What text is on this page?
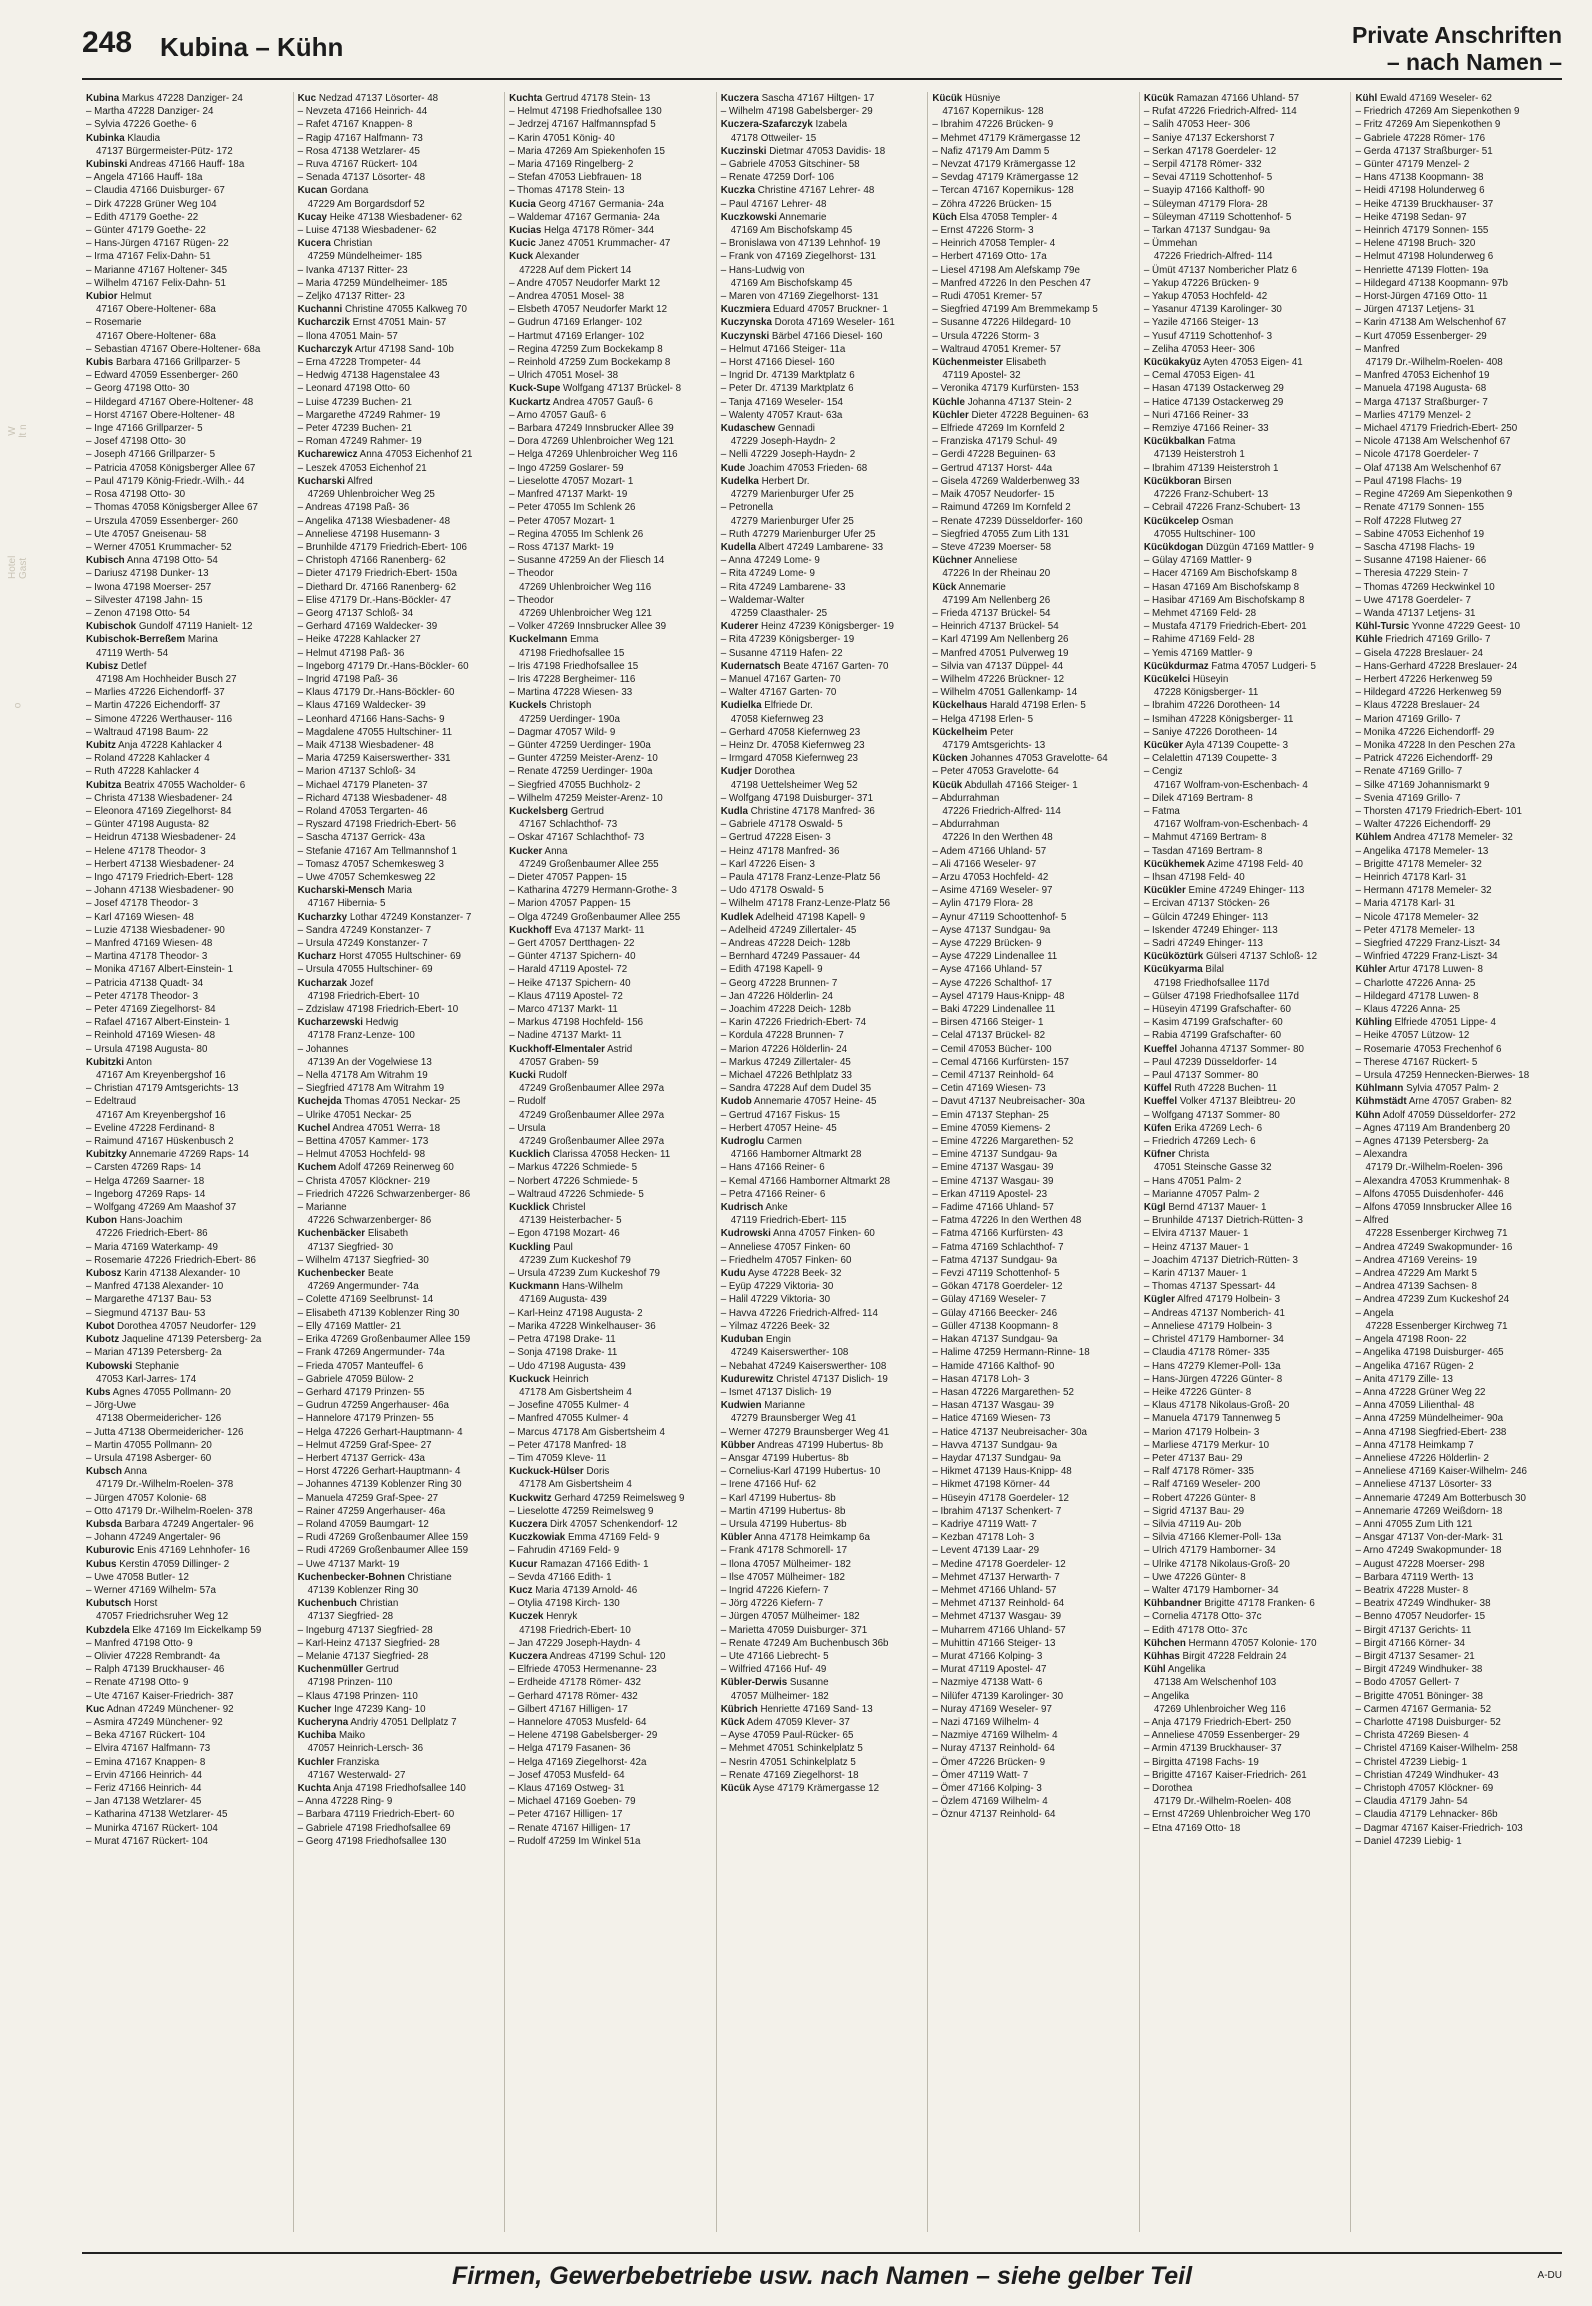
248 Kubina – Kühn	Private Anschriften
– nach Namen –
W lt n
Hotel Gast
o
Kubina Markus 47228 Danziger- 24
– Martha 47228 Danziger- 24
– Sylvia 47226 Goethe- 6
Kubinka Klaudia
47137 Bürgermeister-Pütz- 172
Kubinski Andreas 47166 Hauff- 18a
– Angela 47166 Hauff- 18a
– Claudia 47166 Duisburger- 67
– Dirk 47228 Grüner Weg 104
– Edith 47179 Goethe- 22
– Günter 47179 Goethe- 22
– Hans-Jürgen 47167 Rügen- 22
– Irma 47167 Felix-Dahn- 51
– Marianne 47167 Holtener- 345
– Wilhelm 47167 Felix-Dahn- 51
Kubior Helmut
47167 Obere-Holtener- 68a
– Rosemarie
47167 Obere-Holtener- 68a
– Sebastian 47167 Obere-Holtener- 68a
Kubis Barbara 47166 Grillparzer- 5
– Edward 47059 Essenberger- 260
– Georg 47198 Otto- 30
– Hildegard 47167 Obere-Holtener- 48
– Horst 47167 Obere-Holtener- 48
– Inge 47166 Grillparzer- 5
– Josef 47198 Otto- 30
– Joseph 47166 Grillparzer- 5
– Patricia 47058 Königsberger Allee 67
– Paul 47179 König-Friedr.-Wilh.- 44
– Rosa 47198 Otto- 30
– Thomas 47058 Königsberger Allee 67
– Urszula 47059 Essenberger- 260
– Ute 47057 Gneisenau- 58
– Werner 47051 Krummacher- 52
Kubisch Anna 47198 Otto- 54
– Dariusz 47198 Dunker- 13
– Iwona 47198 Moerser- 257
– Silvester 47198 Jahn- 15
– Zenon 47198 Otto- 54
Kubischok Gundolf 47119 Hanielt- 12
Kubischok-Berreßem Marina
47119 Werth- 54
Kubisz Detlef
47198 Am Hochheider Busch 27
– Marlies 47226 Eichendorff- 37
– Martin 47226 Eichendorff- 37
– Simone 47226 Werthauser- 116
– Waltraud 47198 Baum- 22
Kubitz Anja 47228 Kahlacker 4
– Roland 47228 Kahlacker 4
– Ruth 47228 Kahlacker 4
Kubitza Beatrix 47055 Wacholder- 6
– Christa 47138 Wiesbadener- 24
– Eleonora 47169 Ziegelhorst- 84
– Günter 47198 Augusta- 82
– Heidrun 47138 Wiesbadener- 24
– Helene 47178 Theodor- 3
– Herbert 47138 Wiesbadener- 24
– Ingo 47179 Friedrich-Ebert- 128
– Johann 47138 Wiesbadener- 90
– Josef 47178 Theodor- 3
– Karl 47169 Wiesen- 48
– Luzie 47138 Wiesbadener- 90
– Manfred 47169 Wiesen- 48
– Martina 47178 Theodor- 3
– Monika 47167 Albert-Einstein- 1
– Patricia 47138 Quadt- 34
– Peter 47178 Theodor- 3
– Peter 47169 Ziegelhorst- 84
– Rafael 47167 Albert-Einstein- 1
– Reinhold 47169 Wiesen- 48
– Ursula 47198 Augusta- 80
Kubitzki Anton
47167 Am Kreyenbergshof 16
– Christian 47179 Amtsgerichts- 13
– Edeltraud
47167 Am Kreyenbergshof 16
– Eveline 47228 Ferdinand- 8
– Raimund 47167 Hüskenbusch 2
Kubitzky Annemarie 47269 Raps- 14
– Carsten 47269 Raps- 14
– Helga 47269 Saarner- 18
– Ingeborg 47269 Raps- 14
– Wolfgang 47269 Am Maashof 37
Kubon Hans-Joachim
47226 Friedrich-Ebert- 86
– Maria 47169 Waterkamp- 49
– Rosemarie 47226 Friedrich-Ebert- 86
Kubosz Karin 47138 Alexander- 10
– Manfred 47138 Alexander- 10
– Margarethe 47137 Bau- 53
– Siegmund 47137 Bau- 53
Kubot Dorothea 47057 Neudorfer- 129
Kubotz Jaqueline 47139 Petersberg- 2a
– Marian 47139 Petersberg- 2a
Kubowski Stephanie
47053 Karl-Jarres- 174
Kubs Agnes 47055 Pollmann- 20
– Jörg-Uwe
47138 Obermeidericher- 126
– Jutta 47138 Obermeidericher- 126
– Martin 47055 Pollmann- 20
– Ursula 47198 Asberger- 60
Kubsch Anna
47179 Dr.-Wilhelm-Roelen- 378
– Jürgen 47057 Kolonie- 68
– Otto 47179 Dr.-Wilhelm-Roelen- 378
Kubsda Barbara 47249 Angertaler- 96
– Johann 47249 Angertaler- 96
Kuburovic Enis 47169 Lehnhofer- 16
Kubus Kerstin 47059 Dillinger- 2
– Uwe 47058 Butler- 12
– Werner 47169 Wilhelm- 57a
Kubutsch Horst
47057 Friedrichsruher Weg 12
Kubzdela Elke 47169 Im Eickelkamp 59
– Manfred 47198 Otto- 9
– Olivier 47228 Rembrandt- 4a
– Ralph 47139 Bruckhauser- 46
– Renate 47198 Otto- 9
– Ute 47167 Kaiser-Friedrich- 387
Kuc Adnan 47249 Münchener- 92
– Asmira 47249 Münchener- 92
– Beka 47167 Rückert- 104
– Elvira 47167 Halfmann- 73
– Emina 47167 Knappen- 8
– Ervin 47166 Heinrich- 44
– Feriz 47166 Heinrich- 44
– Jan 47138 Wetzlarer- 45
– Katharina 47138 Wetzlarer- 45
– Munirka 47167 Rückert- 104
– Murat 47167 Rückert- 104
Kuc Nedzad 47137 Lösorter- 48
– Nevzeta 47166 Heinrich- 44
– Rafet 47167 Knappen- 8
– Ragip 47167 Halfmann- 73
– Rosa 47138 Wetzlarer- 45
– Ruva 47167 Rückert- 104
– Senada 47137 Lösorter- 48
Kucan Gordana
47229 Am Borgardsdorf 52
Kucay Heike 47138 Wiesbadener- 62
– Luise 47138 Wiesbadener- 62
Kucera Christian
47259 Mündelheimer- 185
– Ivanka 47137 Ritter- 23
– Maria 47259 Mündelheimer- 185
– Zeljko 47137 Ritter- 23
Kuchanni Christine 47055 Kalkweg 70
Kucharczik Ernst 47051 Main- 57
– Ilona 47051 Main- 57
Kucharczyk Artur 47198 Sand- 10b
– Erna 47228 Trompeter- 44
– Hedwig 47138 Hagenstalee 43
– Leonard 47198 Otto- 60
– Luise 47239 Buchen- 21
– Margarethe 47249 Rahmer- 19
– Peter 47239 Buchen- 21
– Roman 47249 Rahmer- 19
Kucharewicz Anna 47053 Eichenhof 21
– Leszek 47053 Eichenhof 21
Kucharski Alfred
47269 Uhlenbroicher Weg 25
– Andreas 47198 Paß- 36
– Angelika 47138 Wiesbadener- 48
– Anneliese 47198 Husemann- 3
– Brunhilde 47179 Friedrich-Ebert- 106
– Christoph 47166 Ranenberg- 62
– Dieter 47179 Friedrich-Ebert- 150a
– Diethard Dr. 47166 Ranenberg- 62
– Elise 47179 Dr.-Hans-Böckler- 47
– Georg 47137 Schloß- 34
– Gerhard 47169 Waldecker- 39
– Heike 47228 Kahlacker 27
– Helmut 47198 Paß- 36
– Ingeborg 47179 Dr.-Hans-Böckler- 60
– Ingrid 47198 Paß- 36
– Klaus 47179 Dr.-Hans-Böckler- 60
– Klaus 47169 Waldecker- 39
– Leonhard 47166 Hans-Sachs- 9
– Magdalene 47055 Hultschiner- 11
– Maik 47138 Wiesbadener- 48
– Maria 47259 Kaiserswerther- 331
– Marion 47137 Schloß- 34
– Michael 47179 Planeten- 37
– Richard 47138 Wiesbadener- 48
– Roland 47053 Tergarten- 46
– Ryszard 47198 Friedrich-Ebert- 56
– Sascha 47137 Gerrick- 43a
– Stefanie 47167 Am Tellmannshof 1
– Tomasz 47057 Schemkesweg 3
– Uwe 47057 Schemkesweg 22
Kucharski-Mensch Maria
47167 Hibernia- 5
Kucharzky Lothar 47249 Konstanzer- 7
– Sandra 47249 Konstanzer- 7
– Ursula 47249 Konstanzer- 7
Kucharz Horst 47055 Hultschiner- 69
– Ursula 47055 Hultschiner- 69
Kucharzak Jozef
47198 Friedrich-Ebert- 10
– Zdzislaw 47198 Friedrich-Ebert- 10
Kucharzewski Hedwig
47178 Franz-Lenze- 100
– Johannes
47139 An der Vogelwiese 13
– Nella 47178 Am Witrahm 19
– Siegfried 47178 Am Witrahm 19
Kuchejda Thomas 47051 Neckar- 25
– Ulrike 47051 Neckar- 25
Kuchel Andrea 47051 Werra- 18
– Bettina 47057 Kammer- 173
– Helmut 47053 Hochfeld- 98
Kuchem Adolf 47269 Reinerweg 60
– Christa 47057 Klöckner- 219
– Friedrich 47226 Schwarzenberger- 86
– Marianne
47226 Schwarzenberger- 86
Kuchenbäcker Elisabeth
47137 Siegfried- 30
– Wilhelm 47137 Siegfried- 30
Kuchenbecker Beate
47269 Angermunder- 74a
– Colette 47169 Seelbrunst- 14
– Elisabeth 47139 Koblenzer Ring 30
– Elly 47169 Mattler- 21
– Erika 47269 Großenbaumer Allee 159
– Frank 47269 Angermunder- 74a
– Frieda 47057 Manteuffel- 6
– Gabriele 47059 Bülow- 2
– Gerhard 47179 Prinzen- 55
– Gudrun 47259 Angerhauser- 46a
– Hannelore 47179 Prinzen- 55
– Helga 47226 Gerhart-Hauptmann- 4
– Helmut 47259 Graf-Spee- 27
– Herbert 47137 Gerrick- 43a
– Horst 47226 Gerhart-Hauptmann- 4
– Johannes 47139 Koblenzer Ring 30
– Manuela 47259 Graf-Spee- 27
– Rainer 47259 Angerhauser- 46a
– Roland 47059 Baumgart- 12
– Rudi 47269 Großenbaumer Allee 159
– Rudi 47269 Großenbaumer Allee 159
– Uwe 47137 Markt- 19
Kuchenbecker-Bohnen Christiane
47139 Koblenzer Ring 30
Kuchenbuch Christian
47137 Siegfried- 28
– Ingeburg 47137 Siegfried- 28
– Karl-Heinz 47137 Siegfried- 28
– Melanie 47137 Siegfried- 28
Kuchenmüller Gertrud
47198 Prinzen- 110
– Klaus 47198 Prinzen- 110
Kucher Inge 47239 Kang- 10
Kucheryna Andriy 47051 Dellplatz 7
Kuchiba Maiko
47057 Heinrich-Lersch- 36
Kuchler Franziska
47167 Westerwald- 27
Kuchta Anja 47198 Friedhofsallee 140
– Anna 47228 Ring- 9
– Barbara 47119 Friedrich-Ebert- 60
– Gabriele 47198 Friedhofsallee 69
– Georg 47198 Friedhofsallee 130
Kuchta Gertrud 47178 Stein- 13
– Helmut 47198 Friedhofsallee 130
– Jedrzej 47167 Halfmannspfad 5
– Karin 47051 König- 40
– Maria 47269 Am Spiekenhofen 15
– Maria 47169 Ringelberg- 2
– Stefan 47053 Liebfrauen- 18
– Thomas 47178 Stein- 13
Kucia Georg 47167 Germania- 24a
– Waldemar 47167 Germania- 24a
Kucias Helga 47178 Römer- 344
Kucic Janez 47051 Krummacher- 47
Kuck Alexander
47228 Auf dem Pickert 14
– Andre 47057 Neudorfer Markt 12
– Andrea 47051 Mosel- 38
– Elsbeth 47057 Neudorfer Markt 12
– Gudrun 47169 Erlanger- 102
– Hartmut 47169 Erlanger- 102
– Regina 47259 Zum Bockekamp 8
– Reinhold 47259 Zum Bockekamp 8
– Ulrich 47051 Mosel- 38
Kuck-Supe Wolfgang 47137 Brückel- 8
Kuckartz Andrea 47057 Gauß- 6
– Arno 47057 Gauß- 6
– Barbara 47249 Innsbrucker Allee 39
– Dora 47269 Uhlenbroicher Weg 121
– Helga 47269 Uhlenbroicher Weg 116
– Ingo 47259 Goslarer- 59
– Lieselotte 47057 Mozart- 1
– Manfred 47137 Markt- 19
– Peter 47055 Im Schlenk 26
– Peter 47057 Mozart- 1
– Regina 47055 Im Schlenk 26
– Ross 47137 Markt- 19
– Susanne 47259 An der Fliesch 14
– Theodor
47269 Uhlenbroicher Weg 116
– Theodor
47269 Uhlenbroicher Weg 121
– Volker 47269 Innsbrucker Allee 39
Kuckelmann Emma
47198 Friedhofsallee 15
– Iris 47198 Friedhofsallee 15
– Iris 47228 Bergheimer- 116
– Martina 47228 Wiesen- 33
Kuckels Christoph
47259 Uerdinger- 190a
– Dagmar 47057 Wild- 9
– Günter 47259 Uerdinger- 190a
– Gunter 47259 Meister-Arenz- 10
– Renate 47259 Uerdinger- 190a
– Siegfried 47055 Buchholz- 2
– Wilhelm 47259 Meister-Arenz- 10
Kuckelsberg Gertrud
47167 Schlachthof- 73
– Oskar 47167 Schlachthof- 73
Kucker Anna
47249 Großenbaumer Allee 255
– Dieter 47057 Pappen- 15
– Katharina 47279 Hermann-Grothe- 3
– Marion 47057 Pappen- 15
– Olga 47249 Großenbaumer Allee 255
Kuckhoff Eva 47137 Markt- 11
– Gert 47057 Dertthagen- 22
– Günter 47137 Spichern- 40
– Harald 47119 Apostel- 72
– Heike 47137 Spichern- 40
– Klaus 47119 Apostel- 72
– Marco 47137 Markt- 11
– Markus 47198 Hochfeld- 156
– Nadine 47137 Markt- 11
Kuckhoff-Elmentaler Astrid
47057 Graben- 59
Kucki Rudolf
47249 Großenbaumer Allee 297a
– Rudolf
47249 Großenbaumer Allee 297a
– Ursula
47249 Großenbaumer Allee 297a
Kucklich Clarissa 47058 Hecken- 11
– Markus 47226 Schmiede- 5
– Norbert 47226 Schmiede- 5
– Waltraud 47226 Schmiede- 5
Kucklick Christel
47139 Heisterbacher- 5
– Egon 47198 Mozart- 46
Kuckling Paul
47239 Zum Kuckeshof 79
– Ursula 47239 Zum Kuckeshof 79
Kuckmann Hans-Wilhelm
47169 Augusta- 439
– Karl-Heinz 47198 Augusta- 2
– Marika 47228 Winkelhauser- 36
– Petra 47198 Drake- 11
– Sonja 47198 Drake- 11
– Udo 47198 Augusta- 439
Kuckuck Heinrich
47178 Am Gisbertsheim 4
– Josefine 47055 Kulmer- 4
– Manfred 47055 Kulmer- 4
– Marcus 47178 Am Gisbertsheim 4
– Peter 47178 Manfred- 18
– Tim 47059 Kleve- 11
Kuckuck-Hülser Doris
47178 Am Gisbertsheim 4
Kuckwitz Gerhard 47259 Reimelsweg 9
– Lieselotte 47259 Reimelsweg 9
Kuczera Dirk 47057 Schenkendorf- 12
Kuczkowiak Emma 47169 Feld- 9
– Fahrudin 47169 Feld- 9
Kucur Ramazan 47166 Edith- 1
– Sevda 47166 Edith- 1
Kucz Maria 47139 Arnold- 46
– Otylia 47198 Kirch- 130
Kuczek Henryk
47198 Friedrich-Ebert- 10
– Jan 47229 Joseph-Haydn- 4
Kuczera Andreas 47199 Schul- 120
– Elfriede 47053 Hermenanne- 23
– Erdheide 47178 Römer- 432
– Gerhard 47178 Römer- 432
– Gilbert 47167 Hilligen- 17
– Hannelore 47053 Musfeld- 64
– Helene 47198 Gabelsberger- 29
– Helga 47179 Fasanen- 36
– Helga 47169 Ziegelhorst- 42a
– Josef 47053 Musfeld- 64
– Klaus 47169 Ostweg- 31
– Michael 47169 Goeben- 79
– Peter 47167 Hilligen- 17
– Renate 47167 Hilligen- 17
– Rudolf 47259 Im Winkel 51a
Kuczera Sascha 47167 Hiltgen- 17
– Wilhelm 47198 Gabelsberger- 29
Kuczera-Szafarczyk Izabela
47178 Ottweiler- 15
Kuczinski Dietmar 47053 Davidis- 18
– Gabriele 47053 Gitschiner- 58
– Renate 47259 Dorf- 106
Kuczka Christine 47167 Lehrer- 48
– Paul 47167 Lehrer- 48
Kuczkowski Annemarie
47169 Am Bischofskamp 45
– Bronislawa von 47139 Lehnhof- 19
– Frank von 47169 Ziegelhorst- 131
– Hans-Ludwig von
47169 Am Bischofskamp 45
– Maren von 47169 Ziegelhorst- 131
Kuczmiera Eduard 47057 Bruckner- 1
Kuczynska Dorota 47169 Weseler- 161
Kuczynski Bärbel 47166 Diesel- 160
– Helmut 47166 Steiger- 11a
– Horst 47166 Diesel- 160
– Ingrid Dr. 47139 Marktplatz 6
– Peter Dr. 47139 Marktplatz 6
– Tanja 47169 Weseler- 154
– Walenty 47057 Kraut- 63a
Kudaschew Gennadi
47229 Joseph-Haydn- 2
– Nelli 47229 Joseph-Haydn- 2
Kude Joachim 47053 Frieden- 68
Kudelka Herbert Dr.
47279 Marienburger Ufer 25
– Petronella
47279 Marienburger Ufer 25
– Ruth 47279 Marienburger Ufer 25
Kudella Albert 47249 Lambarene- 33
– Anna 47249 Lome- 9
– Rita 47249 Lome- 9
– Rita 47249 Lambarene- 33
– Waldemar-Walter
47259 Claasthaler- 25
Kuderer Heinz 47239 Königsberger- 19
– Rita 47239 Königsberger- 19
– Susanne 47119 Hafen- 22
Kudernatsch Beate 47167 Garten- 70
– Manuel 47167 Garten- 70
– Walter 47167 Garten- 70
Kudielka Elfriede Dr.
47058 Kiefernweg 23
– Gerhard 47058 Kiefernweg 23
– Heinz Dr. 47058 Kiefernweg 23
– Irmgard 47058 Kiefernweg 23
Kudjer Dorothea
47198 Uettelsheimer Weg 52
– Wolfgang 47198 Duisburger- 371
Kudla Christine 47178 Manfred- 36
– Gabriele 47178 Oswald- 5
– Gertrud 47228 Eisen- 3
– Heinz 47178 Manfred- 36
– Karl 47226 Eisen- 3
– Paula 47178 Franz-Lenze-Platz 56
– Udo 47178 Oswald- 5
– Wilhelm 47178 Franz-Lenze-Platz 56
Kudlek Adelheid 47198 Kapell- 9
– Adelheid 47249 Zillertaler- 45
– Andreas 47228 Deich- 128b
– Bernhard 47249 Passauer- 44
– Edith 47198 Kapell- 9
– Georg 47228 Brunnen- 7
– Jan 47226 Hölderlin- 24
– Joachim 47228 Deich- 128b
– Karin 47226 Friedrich-Ebert- 74
– Kordula 47228 Brunnen- 7
– Marion 47226 Hölderlin- 24
– Markus 47249 Zillertaler- 45
– Michael 47226 Bethlplatz 33
– Sandra 47228 Auf dem Dudel 35
Kudob Annemarie 47057 Heine- 45
– Gertrud 47167 Fiskus- 15
– Herbert 47057 Heine- 45
Kudroglu Carmen
47166 Hamborner Altmarkt 28
– Hans 47166 Reiner- 6
– Kemal 47166 Hamborner Altmarkt 28
– Petra 47166 Reiner- 6
Kudrisch Anke
47119 Friedrich-Ebert- 115
Kudrowski Anna 47057 Finken- 60
– Anneliese 47057 Finken- 60
– Friedhelm 47057 Finken- 60
Kudu Ayse 47228 Beek- 32
– Eyüp 47229 Viktoria- 30
– Halil 47229 Viktoria- 30
– Havva 47226 Friedrich-Alfred- 114
– Yilmaz 47226 Beek- 32
Kuduban Engin
47249 Kaiserswerther- 108
– Nebahat 47249 Kaiserswerther- 108
Kudurewitz Christel 47137 Dislich- 19
– Ismet 47137 Dislich- 19
Kudwien Marianne
47279 Braunsberger Weg 41
– Werner 47279 Braunsberger Weg 41
Kübber Andreas 47199 Hubertus- 8b
– Ansgar 47199 Hubertus- 8b
– Cornelius-Karl 47199 Hubertus- 10
– Irene 47166 Huf- 62
– Karl 47199 Hubertus- 8b
– Martin 47199 Hubertus- 8b
– Ursula 47199 Hubertus- 8b
Kübler Anna 47178 Heimkamp 6a
– Frank 47178 Schmorell- 17
– Ilona 47057 Mülheimer- 182
– Ilse 47057 Mülheimer- 182
– Ingrid 47226 Kiefern- 7
– Jörg 47226 Kiefern- 7
– Jürgen 47057 Mülheimer- 182
– Marietta 47059 Duisburger- 371
– Renate 47249 Am Buchenbusch 36b
– Ute 47166 Liebrecht- 5
– Wilfried 47166 Huf- 49
Kübler-Derwis Susanne
47057 Mülheimer- 182
Kübrich Henriette 47169 Sand- 13
Kück Adem 47059 Klever- 37
– Ayse 47059 Paul-Rücker- 65
– Mehmet 47051 Schinkelplatz 5
– Nesrin 47051 Schinkelplatz 5
– Renate 47169 Ziegelhorst- 18
Kücük Ayse 47179 Krämergasse 12
Kücük Hüsniye
47167 Kopernikus- 128
– Ibrahim 47226 Brücken- 9
– Mehmet 47179 Krämergasse 12
– Nafiz 47179 Am Damm 5
– Nevzat 47179 Krämergasse 12
– Sevdag 47179 Krämergasse 12
– Tercan 47167 Kopernikus- 128
– Zöhra 47226 Brücken- 15
Küch Elsa 47058 Templer- 4
– Ernst 47226 Storm- 3
– Heinrich 47058 Templer- 4
– Herbert 47169 Otto- 17a
– Liesel 47198 Am Alefskamp 79e
– Manfred 47226 In den Peschen 47
– Rudi 47051 Kremer- 57
– Siegfried 47199 Am Bremmekamp 5
– Susanne 47226 Hildegard- 10
– Ursula 47226 Storm- 3
– Waltraud 47051 Kremer- 57
Küchenmeister Elisabeth
47119 Apostel- 32
– Veronika 47179 Kurfürsten- 153
Küchle Johanna 47137 Stein- 2
Küchler Dieter 47228 Beguinen- 63
– Elfriede 47269 Im Kornfeld 2
– Franziska 47179 Schul- 49
– Gerdi 47228 Beguinen- 63
– Gertrud 47137 Horst- 44a
– Gisela 47269 Walderbenweg 33
– Maik 47057 Neudorfer- 15
– Raimund 47269 Im Kornfeld 2
– Renate 47239 Düsseldorfer- 160
– Siegfried 47055 Zum Lith 131
– Steve 47239 Moerser- 58
Küchner Anneliese
47226 In der Rheinau 20
Kück Annemarie
47199 Am Nellenberg 26
– Frieda 47137 Brückel- 54
– Heinrich 47137 Brückel- 54
– Karl 47199 Am Nellenberg 26
– Manfred 47051 Pulverweg 19
– Silvia van 47137 Düppel- 44
– Wilhelm 47226 Brückner- 12
– Wilhelm 47051 Gallenkamp- 14
Kückelhaus Harald 47198 Erlen- 5
– Helga 47198 Erlen- 5
Kückelheim Peter
47179 Amtsgerichts- 13
Kücken Johannes 47053 Gravelotte- 64
– Peter 47053 Gravelotte- 64
Kücük Abdullah 47166 Steiger- 1
– Abdurrahman
47226 Friedrich-Alfred- 114
– Abdurrahman
47226 In den Werthen 48
– Adem 47166 Uhland- 57
– Ali 47166 Weseler- 97
– Arzu 47053 Hochfeld- 42
– Asime 47169 Weseler- 97
– Aylin 47179 Flora- 28
– Aynur 47119 Schoottenhof- 5
– Ayse 47137 Sundgau- 9a
– Ayse 47229 Brücken- 9
– Ayse 47229 Lindenallee 11
– Ayse 47166 Uhland- 57
– Ayse 47226 Schalthof- 17
– Aysel 47179 Haus-Knipp- 48
– Baki 47229 Lindenallee 11
– Birsen 47166 Steiger- 1
– Celal 47137 Brückel- 82
– Cemil 47053 Bücher- 100
– Cemal 47166 Kurfürsten- 157
– Cemil 47137 Reinhold- 64
– Cetin 47169 Wiesen- 73
– Davut 47137 Neubreisacher- 30a
– Emin 47137 Stephan- 25
– Emine 47059 Kiemens- 2
– Emine 47226 Margarethen- 52
– Emine 47137 Sundgau- 9a
– Emine 47137 Wasgau- 39
– Emine 47137 Wasgau- 39
– Erkan 47119 Apostel- 23
– Fadime 47166 Uhland- 57
– Fatma 47226 In den Werthen 48
– Fatma 47166 Kurfürsten- 43
– Fatma 47169 Schlachthof- 7
– Fatma 47137 Sundgau- 9a
– Fevzi 47119 Schottenhof- 5
– Gökan 47178 Goerdeler- 12
– Gülay 47169 Weseler- 7
– Gülay 47166 Beecker- 246
– Güller 47138 Koopmann- 8
– Hakan 47137 Sundgau- 9a
– Halime 47259 Hermann-Rinne- 18
– Hamide 47166 Kalthof- 90
– Hasan 47178 Loh- 3
– Hasan 47226 Margarethen- 52
– Hasan 47137 Wasgau- 39
– Hatice 47169 Wiesen- 73
– Hatice 47137 Neubreisacher- 30a
– Havva 47137 Sundgau- 9a
– Haydar 47137 Sundgau- 9a
– Hikmet 47139 Haus-Knipp- 48
– Hikmet 47198 Körner- 44
– Hüseyin 47178 Goerdeler- 12
– Ibrahim 47137 Schenkert- 7
– Kadriye 47119 Watt- 7
– Kezban 47178 Loh- 3
– Levent 47139 Laar- 29
– Medine 47178 Goerdeler- 12
– Mehmet 47137 Herwarth- 7
– Mehmet 47166 Uhland- 57
– Mehmet 47137 Reinhold- 64
– Mehmet 47137 Wasgau- 39
– Muharrem 47166 Uhland- 57
– Muhittin 47166 Steiger- 13
– Murat 47166 Kolping- 3
– Murat 47119 Apostel- 47
– Nazmiye 47138 Watt- 6
– Nilüfer 47139 Karolinger- 30
– Nuray 47169 Weseler- 97
– Nazi 47169 Wilhelm- 4
– Nazmiye 47169 Wilhelm- 4
– Nuray 47137 Reinhold- 64
– Ömer 47226 Brücken- 9
– Ömer 47119 Watt- 7
– Ömer 47166 Kolping- 3
– Özlem 47169 Wilhelm- 4
– Öznur 47137 Reinhold- 64
Kücük Ramazan 47166 Uhland- 57
– Rufat 47226 Friedrich-Alfred- 114
– Salih 47053 Heer- 306
– Saniye 47137 Eckershorst 7
– Serkan 47178 Goerdeler- 12
– Serpil 47178 Römer- 332
– Sevai 47119 Schottenhof- 5
– Suayip 47166 Kalthoff- 90
– Süleyman 47179 Flora- 28
– Süleyman 47119 Schottenhof- 5
– Tarkan 47137 Sundgau- 9a
– Ümmehan
47226 Friedrich-Alfred- 114
– Ümüt 47137 Nombericher Platz 6
– Yakup 47226 Brücken- 9
– Yakup 47053 Hochfeld- 42
– Yasanur 47139 Karolinger- 30
– Yazile 47166 Steiger- 13
– Yusuf 47119 Schottenhof- 3
– Zeliha 47053 Heer- 306
Kücükakyüz Ayten 47053 Eigen- 41
– Cemal 47053 Eigen- 41
– Hasan 47139 Ostackerweg 29
– Hatice 47139 Ostackerweg 29
– Nuri 47166 Reiner- 33
– Remziye 47166 Reiner- 33
Kücükbalkan Fatma
47139 Heisterstroh 1
– Ibrahim 47139 Heisterstroh 1
Kücükboran Birsen
47226 Franz-Schubert- 13
– Cebrail 47226 Franz-Schubert- 13
Kücükcelep Osman
47055 Hultschiner- 100
Kücükdogan Düzgün 47169 Mattler- 9
– Gülay 47169 Mattler- 9
– Hacer 47169 Am Bischofskamp 8
– Hasan 47169 Am Bischofskamp 8
– Hasibar 47169 Am Bischofskamp 8
– Mehmet 47169 Feld- 28
– Mustafa 47179 Friedrich-Ebert- 201
– Rahime 47169 Feld- 28
– Yemis 47169 Mattler- 9
Kücükdurmaz Fatma 47057 Ludgeri- 5
Kücükelci Hüseyin
47228 Königsberger- 11
– Ibrahim 47226 Dorotheen- 14
– Ismihan 47228 Königsberger- 11
– Saniye 47226 Dorotheen- 14
Kücüker Ayla 47139 Coupette- 3
– Celalettin 47139 Coupette- 3
– Cengiz
47167 Wolfram-von-Eschenbach- 4
– Dilek 47169 Bertram- 8
– Fatma
47167 Wolfram-von-Eschenbach- 4
– Mahmut 47169 Bertram- 8
– Tasdan 47169 Bertram- 8
Kücükhemek Azime 47198 Feld- 40
– Ihsan 47198 Feld- 40
Kücükler Emine 47249 Ehinger- 113
– Ercivan 47137 Stöcken- 26
– Gülcin 47249 Ehinger- 113
– Iskender 47249 Ehinger- 113
– Sadri 47249 Ehinger- 113
Kücüköztürk Gülseri 47137 Schloß- 12
Kücükyarma Bilal
47198 Friedhofsallee 117d
– Gülser 47198 Friedhofsallee 117d
– Hüseyin 47199 Grafschafter- 60
– Kasim 47199 Grafschafter- 60
– Rabia 47199 Grafschafter- 60
Kueffel Johanna 47137 Sommer- 80
– Paul 47239 Düsseldorfer- 14
– Paul 47137 Sommer- 80
Küffel Ruth 47228 Buchen- 11
Kueffel Volker 47137 Bleibtreu- 20
– Wolfgang 47137 Sommer- 80
Küfen Erika 47269 Lech- 6
– Friedrich 47269 Lech- 6
Küfner Christa
47051 Steinsche Gasse 32
– Hans 47051 Palm- 2
– Marianne 47057 Palm- 2
Kügl Bernd 47137 Mauer- 1
– Brunhilde 47137 Dietrich-Rütten- 3
– Elvira 47137 Mauer- 1
– Heinz 47137 Mauer- 1
– Joachim 47137 Dietrich-Rütten- 3
– Karin 47137 Mauer- 1
– Thomas 47137 Spessart- 44
Kügler Alfred 47179 Holbein- 3
– Andreas 47137 Nomberich- 41
– Anneliese 47179 Holbein- 3
– Christel 47179 Hamborner- 34
– Claudia 47178 Römer- 335
– Hans 47279 Klemer-Poll- 13a
– Hans-Jürgen 47226 Günter- 8
– Heike 47226 Günter- 8
– Klaus 47178 Nikolaus-Groß- 20
– Manuela 47179 Tannenweg 5
– Marion 47179 Holbein- 3
– Marliese 47179 Merkur- 10
– Peter 47137 Bau- 29
– Ralf 47178 Römer- 335
– Ralf 47169 Weseler- 200
– Robert 47226 Günter- 8
– Sigrid 47137 Bau- 29
– Silvia 47119 Au- 20b
– Silvia 47166 Klemer-Poll- 13a
– Ulrich 47179 Hamborner- 34
– Ulrike 47178 Nikolaus-Groß- 20
– Uwe 47226 Günter- 8
– Walter 47179 Hamborner- 34
Kühbandner Brigitte 47178 Franken- 6
– Cornelia 47178 Otto- 37c
– Edith 47178 Otto- 37c
Kühchen Hermann 47057 Kolonie- 170
Kühhas Birgit 47228 Feldrain 24
Kühl Angelika
47138 Am Welschenhof 103
– Angelika
47269 Uhlenbroicher Weg 116
– Anja 47179 Friedrich-Ebert- 250
– Anneliese 47059 Essenberger- 29
– Armin 47139 Bruckhauser- 37
– Birgitta 47198 Fachs- 19
– Brigitte 47167 Kaiser-Friedrich- 261
– Dorothea
47179 Dr.-Wilhelm-Roelen- 408
– Ernst 47269 Uhlenbroicher Weg 170
– Etna 47169 Otto- 18
Kühl Ewald 47169 Weseler- 62
– Friedrich 47269 Am Siepenkothen 9
– Fritz 47269 Am Siepenkothen 9
– Gabriele 47228 Römer- 176
– Gerda 47137 Straßburger- 51
– Günter 47179 Menzel- 2
– Hans 47138 Koopmann- 38
– Heidi 47198 Holunderweg 6
– Heike 47139 Bruckhauser- 37
– Heike 47198 Sedan- 97
– Heinrich 47179 Sonnen- 155
– Helene 47198 Bruch- 320
– Helmut 47198 Holunderweg 6
– Henriette 47139 Flotten- 19a
– Hildegard 47138 Koopmann- 97b
– Horst-Jürgen 47169 Otto- 11
– Jürgen 47137 Letjens- 31
– Karin 47138 Am Welschenhof 67
– Kurt 47059 Essenberger- 29
– Manfred
47179 Dr.-Wilhelm-Roelen- 408
– Manfred 47053 Eichenhof 19
– Manuela 47198 Augusta- 68
– Marga 47137 Straßburger- 7
– Marlies 47179 Menzel- 2
– Michael 47179 Friedrich-Ebert- 250
– Nicole 47138 Am Welschenhof 67
– Nicole 47178 Goerdeler- 7
– Olaf 47138 Am Welschenhof 67
– Paul 47198 Flachs- 19
– Regine 47269 Am Siepenkothen 9
– Renate 47179 Sonnen- 155
– Rolf 47228 Flutweg 27
– Sabine 47053 Eichenhof 19
– Sascha 47198 Flachs- 19
– Susanne 47198 Haiener- 66
– Theresia 47229 Stein- 7
– Thomas 47269 Heckwinkel 10
– Uwe 47178 Goerdeler- 7
– Wanda 47137 Letjens- 31
Kühl-Tursic Yvonne 47229 Geest- 10
Kühle Friedrich 47169 Grillo- 7
– Gisela 47228 Breslauer- 24
– Hans-Gerhard 47228 Breslauer- 24
– Herbert 47226 Herkenweg 59
– Hildegard 47226 Herkenweg 59
– Klaus 47228 Breslauer- 24
– Marion 47169 Grillo- 7
– Monika 47226 Eichendorff- 29
– Monika 47228 In den Peschen 27a
– Patrick 47226 Eichendorff- 29
– Renate 47169 Grillo- 7
– Silke 47169 Johannismarkt 9
– Svenia 47169 Grillo- 7
– Thorsten 47179 Friedrich-Ebert- 101
– Walter 47226 Eichendorff- 29
Kühlem Andrea 47178 Memeler- 32
– Angelika 47178 Memeler- 13
– Brigitte 47178 Memeler- 32
– Heinrich 47178 Karl- 31
– Hermann 47178 Memeler- 32
– Maria 47178 Karl- 31
– Nicole 47178 Memeler- 32
– Peter 47178 Memeler- 13
– Siegfried 47229 Franz-Liszt- 34
– Winfried 47229 Franz-Liszt- 34
Kühler Artur 47178 Luwen- 8
– Charlotte 47226 Anna- 25
– Hildegard 47178 Luwen- 8
– Klaus 47226 Anna- 25
Kühling Elfriede 47051 Lippe- 4
– Heike 47057 Lützow- 12
– Rosemarie 47053 Frechenhof 6
– Therese 47167 Rückert- 5
– Ursula 47259 Hennecken-Bierwes- 18
Kühlmann Sylvia 47057 Palm- 2
Kühmstädt Arne 47057 Graben- 82
Kühn Adolf 47059 Düsseldorfer- 272
– Agnes 47119 Am Brandenberg 20
– Agnes 47139 Petersberg- 2a
– Alexandra
47179 Dr.-Wilhelm-Roelen- 396
– Alexandra 47053 Krummenhak- 8
– Alfons 47055 Duisdenhofer- 446
– Alfons 47059 Innsbrucker Allee 16
– Alfred
47228 Essenberger Kirchweg 71
– Andrea 47249 Swakopmunder- 16
– Andrea 47169 Vereins- 19
– Andrea 47229 Am Markt 5
– Andrea 47139 Sachsen- 8
– Andrea 47239 Zum Kuckeshof 24
– Angela
47228 Essenberger Kirchweg 71
– Angela 47198 Roon- 22
– Angelika 47198 Duisburger- 465
– Angelika 47167 Rügen- 2
– Anita 47179 Zille- 13
– Anna 47228 Grüner Weg 22
– Anna 47059 Lilienthal- 48
– Anna 47259 Mündelheimer- 90a
– Anna 47198 Siegfried-Ebert- 238
– Anna 47178 Heimkamp 7
– Anneliese 47226 Hölderlin- 2
– Anneliese 47169 Kaiser-Wilhelm- 246
– Anneliese 47137 Lösorter- 33
– Annemarie 47249 Am Botterbusch 30
– Annemarie 47269 Weißdorn- 18
– Anni 47055 Zum Lith 121
– Ansgar 47137 Von-der-Mark- 31
– Arno 47249 Swakopmunder- 18
– August 47228 Moerser- 298
– Barbara 47119 Werth- 13
– Beatrix 47228 Muster- 8
– Beatrix 47249 Windhuker- 38
– Benno 47057 Neudorfer- 15
– Birgit 47137 Gerichts- 11
– Birgit 47166 Körner- 34
– Birgit 47137 Sesamer- 21
– Birgit 47249 Windhuker- 38
– Bodo 47057 Gellert- 7
– Brigitte 47051 Böninger- 38
– Carmen 47167 Germania- 52
– Charlotte 47198 Duisburger- 52
– Christa 47269 Biesen- 4
– Christel 47169 Kaiser-Wilhelm- 258
– Christel 47239 Liebig- 1
– Christian 47249 Windhuker- 43
– Christoph 47057 Klöckner- 69
– Claudia 47179 Jahn- 54
– Claudia 47179 Lehnacker- 86b
– Dagmar 47167 Kaiser-Friedrich- 103
– Daniel 47239 Liebig- 1
Firmen, Gewerbebetriebe usw. nach Namen – siehe gelber Teil	A-DU
